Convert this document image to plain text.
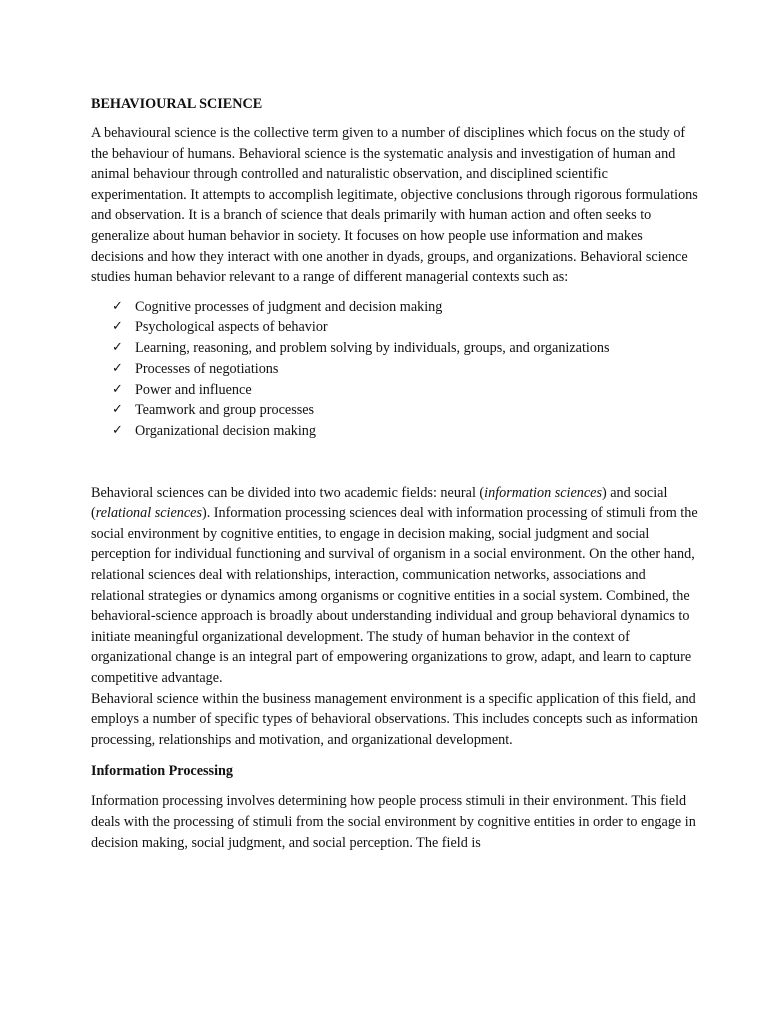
BEHAVIOURAL SCIENCE

A behavioural science is the collective term given to a number of disciplines which focus on the study of the behaviour of humans. Behavioral science is the systematic analysis and investigation of human and animal behaviour through controlled and naturalistic observation, and disciplined scientific experimentation. It attempts to accomplish legitimate, objective conclusions through rigorous formulations and observation. It is a branch of science that deals primarily with human action and often seeks to generalize about human behavior in society. It focuses on how people use information and makes decisions and how they interact with one another in dyads, groups, and organizations. Behavioral science studies human behavior relevant to a range of different managerial contexts such as:

✓ Cognitive processes of judgment and decision making
✓ Psychological aspects of behavior
✓ Learning, reasoning, and problem solving by individuals, groups, and organizations
✓ Processes of negotiations
✓ Power and influence
✓ Teamwork and group processes
✓ Organizational decision making

Behavioral sciences can be divided into two academic fields: neural (information sciences) and social (relational sciences). Information processing sciences deal with information processing of stimuli from the social environment by cognitive entities, to engage in decision making, social judgment and social perception for individual functioning and survival of organism in a social environment. On the other hand, relational sciences deal with relationships, interaction, communication networks, associations and relational strategies or dynamics among organisms or cognitive entities in a social system. Combined, the behavioral-science approach is broadly about understanding individual and group behavioral dynamics to initiate meaningful organizational development. The study of human behavior in the context of organizational change is an integral part of empowering organizations to grow, adapt, and learn to capture competitive advantage.

Behavioral science within the business management environment is a specific application of this field, and employs a number of specific types of behavioral observations. This includes concepts such as information processing, relationships and motivation, and organizational development.

Information Processing

Information processing involves determining how people process stimuli in their environment. This field deals with the processing of stimuli from the social environment by cognitive entities in order to engage in decision making, social judgment, and social perception. The field is
